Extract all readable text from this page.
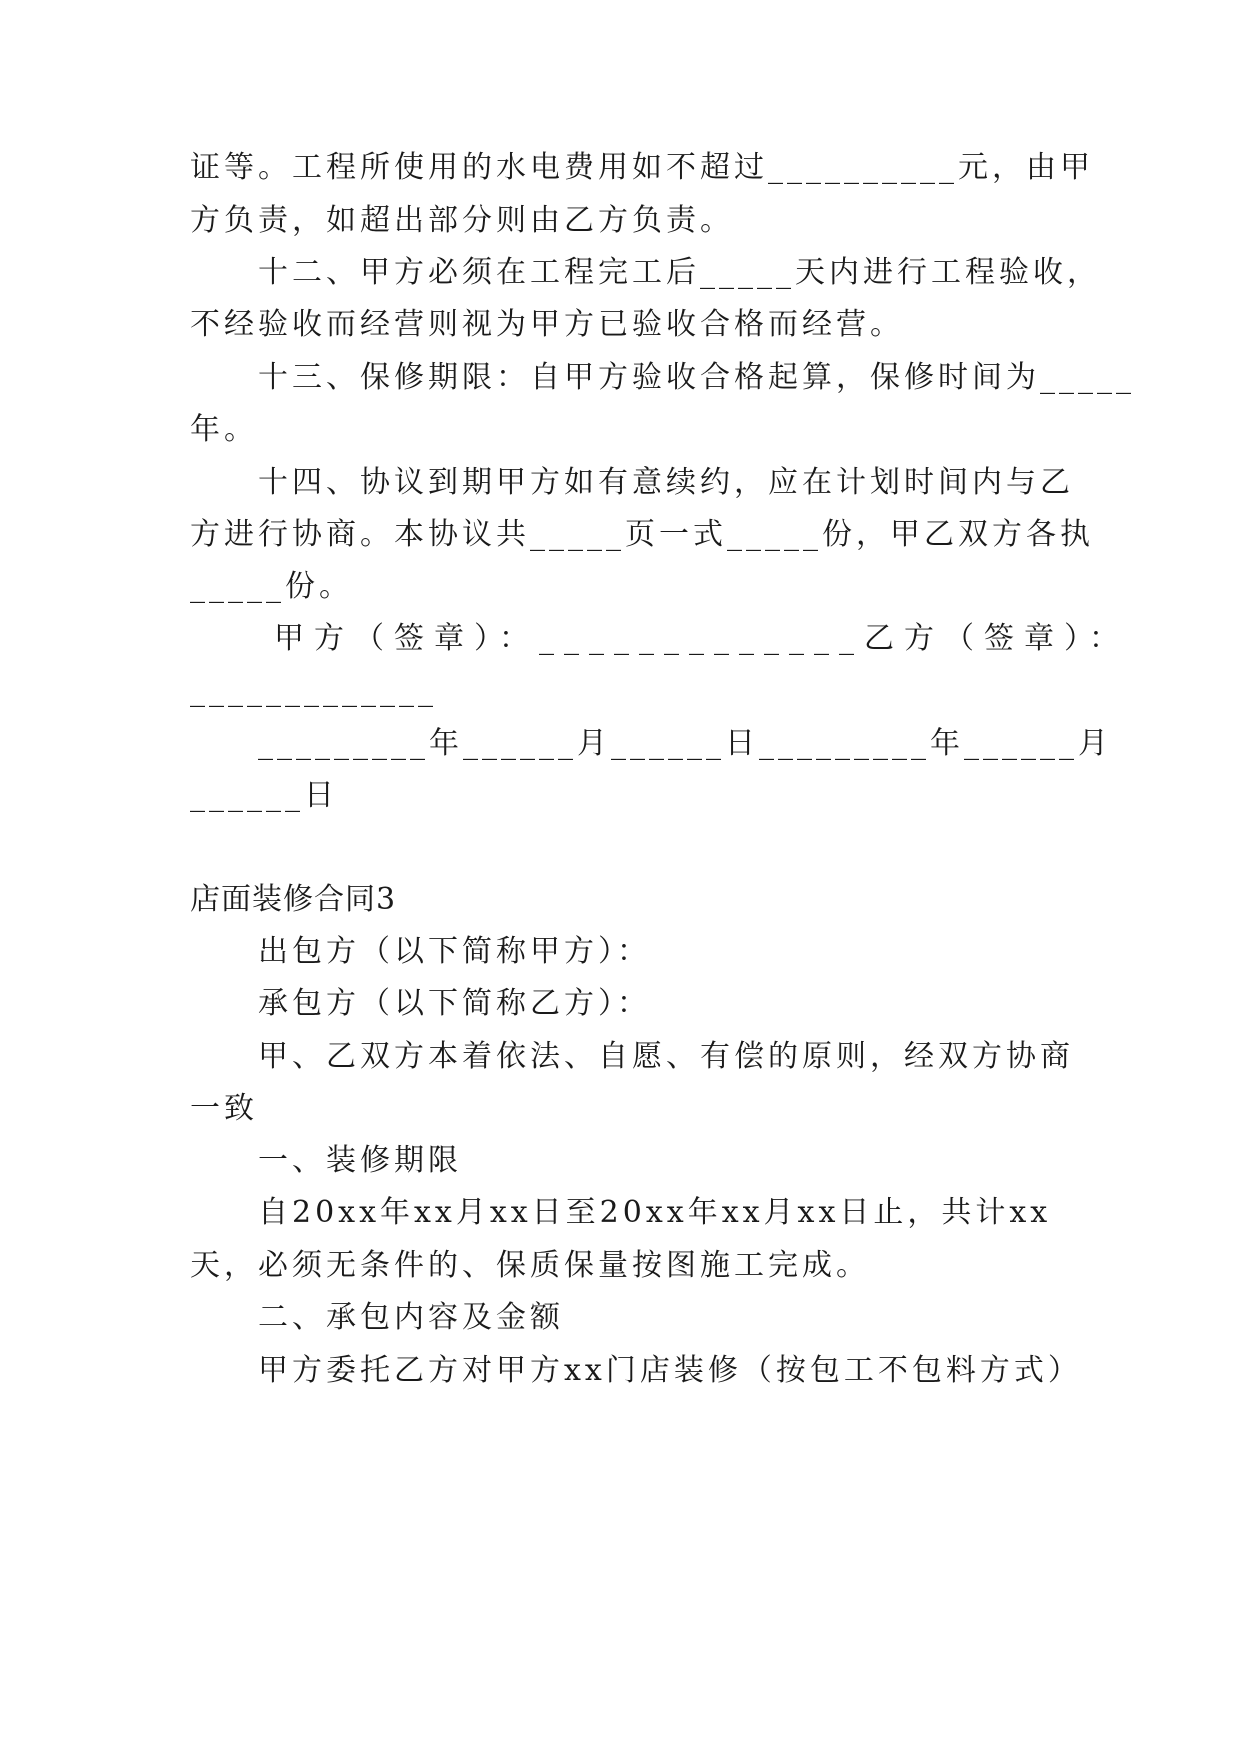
证等。工程所使用的水电费用如不超过__________元，由甲
方负责，如超出部分则由乙方负责。
十二、甲方必须在工程完工后_____天内进行工程验收，
不经验收而经营则视为甲方已验收合格而经营。
十三、保修期限：自甲方验收合格起算，保修时间为_____
年。
十四、协议到期甲方如有意续约，应在计划时间内与乙
方进行协商。本协议共_____页一式_____份，甲乙双方各执
_____份。
甲方（签章）：_____________乙方（签章）：
_____________
_________年______月______日_________年______月
______日
店面装修合同3
出包方（以下简称甲方）：
承包方（以下简称乙方）：
甲、乙双方本着依法、自愿、有偿的原则，经双方协商
一致
一、装修期限
自20xx年xx月xx日至20xx年xx月xx日止，共计xx
天，必须无条件的、保质保量按图施工完成。
二、承包内容及金额
甲方委托乙方对甲方xx门店装修（按包工不包料方式）
